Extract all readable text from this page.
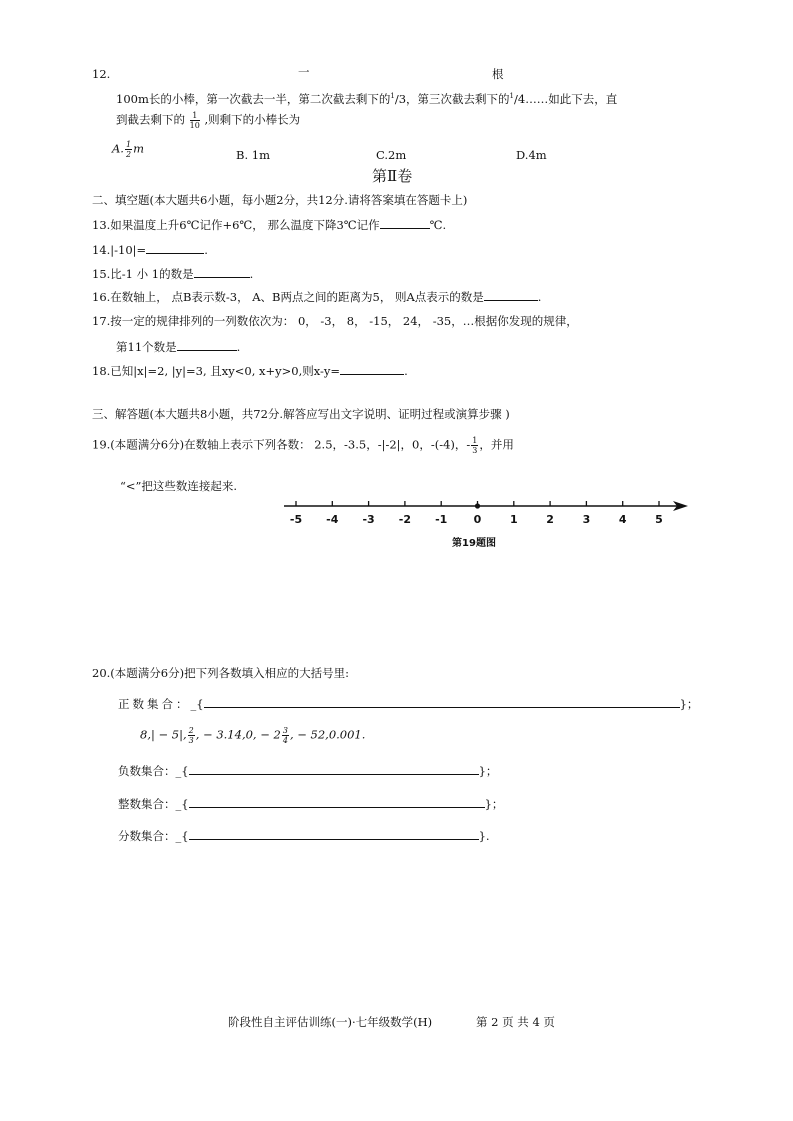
12.	一	根
100m长的小棒，第一次截去一半，第二次截去剩下的$^1$/3，第三次截去剩下的$^1$/4……如此下去，直
到截去剩下的 $\frac{1}{10}$ ,则剩下的小棒长为
A. $\frac{1}{2}$ m	B. 1m	C.2m	D.4m
第Ⅱ卷
二、填空题(本大题共6小题，每小题2分，共12分.请将答案填在答题卡上)
13.如果温度上升6℃记作+6℃， 那么温度下降3℃记作	℃.
14.|-10|=	.
15.比-1 小 1的数是	.
16.在数轴上， 点B表示数-3， A、B两点之间的距离为5， 则A点表示的数是	.
17.按一定的规律排列的一列数依次为： 0， -3， 8， -15， 24， -35，…根据你发现的规律，
第11个数是	.
18.已知|x|=2, |y|=3, 且xy<0, x+y>0,则x-y=	.
三、解答题(本大题共8小题，共72分.解答应写出文字说明、证明过程或演算步骤 )
19.(本题满分6分)在数轴上表示下列各数： 2.5，-3.5，-|-2|，0，-(-4)，- $\frac{1}{3}$ ，并用
“<”把这些数连接起来.
-5 -4 -3 -2 -1 0	1	2	3	4	5
第19题图
20.(本题满分6分)把下列各数填入相应的大括号里:
正数集合：_{	}；
8,| − 5|, $\frac{2}{3}$ , − 3.14,0, − $2 \frac{3}{4}$ , − 52,0.001.
负数集合：_{	}；
整数集合：_{	}；
分数集合：_{	}.
阶段性自主评估训练(一)·七年级数学(H)	第 2 页 共 4 页
